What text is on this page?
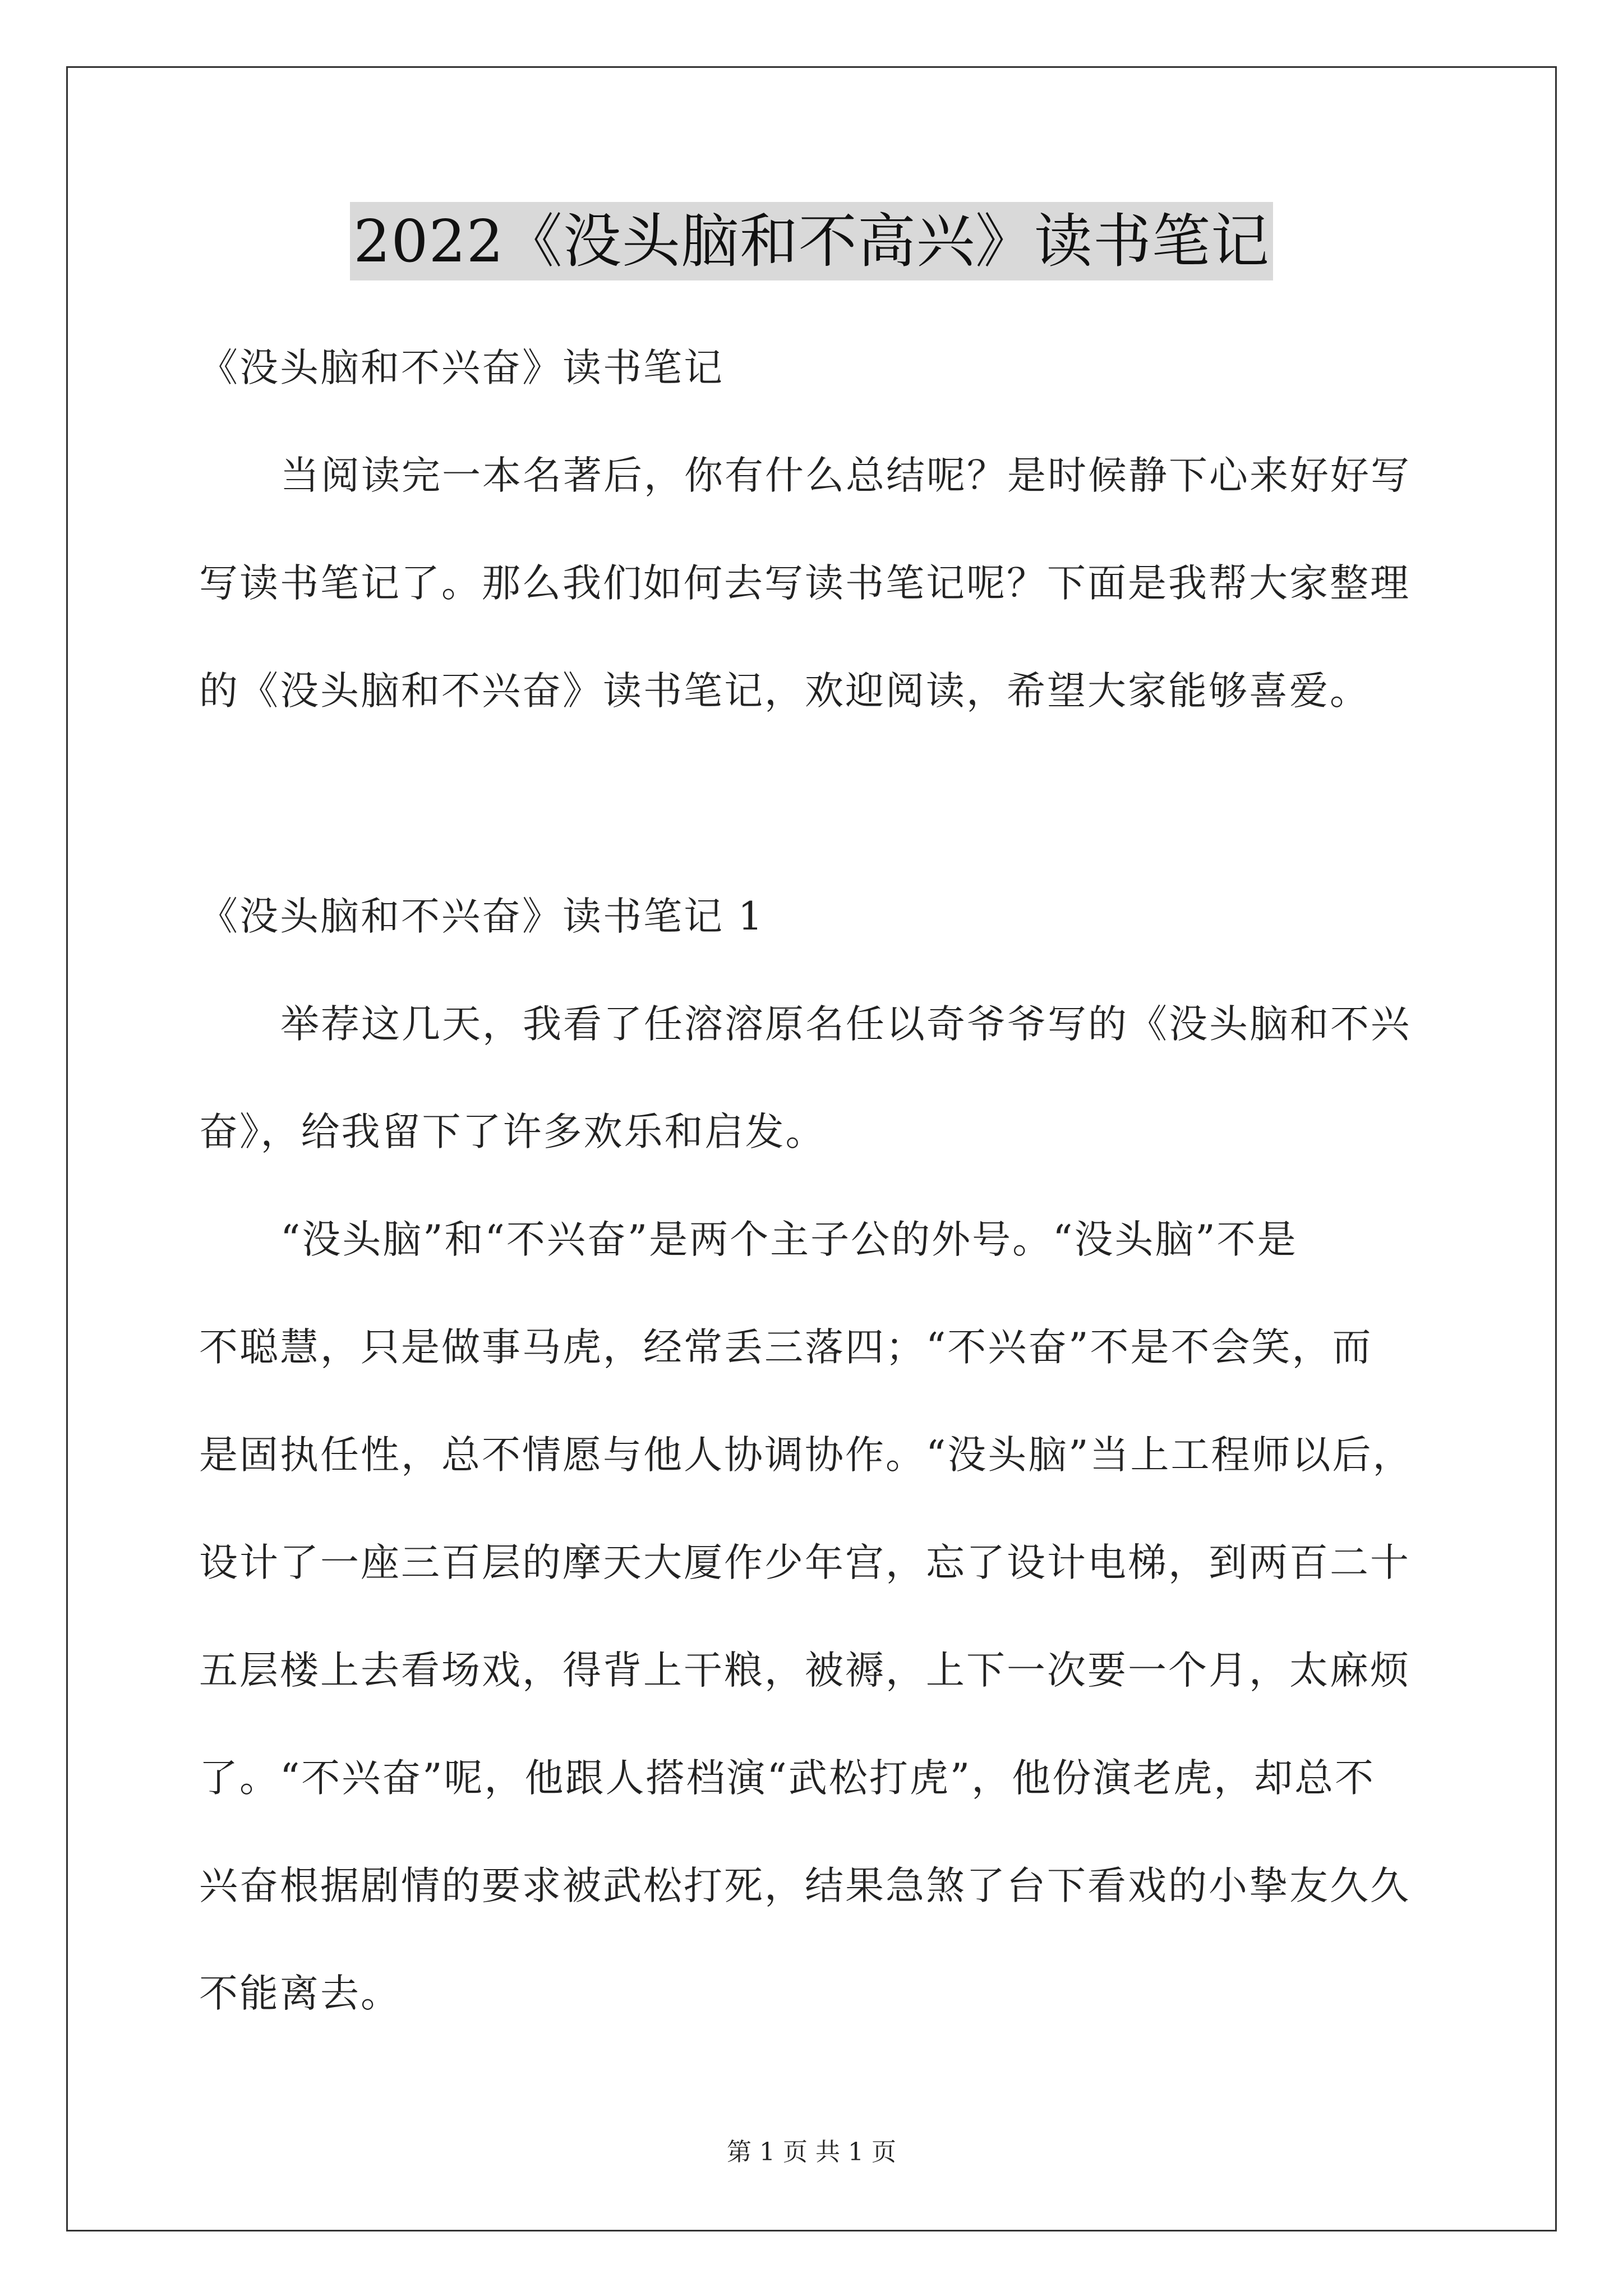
2022《没头脑和不高兴》读书笔记
《没头脑和不兴奋》读书笔记
当阅读完一本名著后，你有什么总结呢？是时候静下心来好好写
写读书笔记了。那么我们如何去写读书笔记呢？下面是我帮大家整理
的《没头脑和不兴奋》读书笔记，欢迎阅读，希望大家能够喜爱。
《没头脑和不兴奋》读书笔记 1
举荐这几天，我看了任溶溶原名任以奇爷爷写的《没头脑和不兴
奋》，给我留下了许多欢乐和启发。
“没头脑”和“不兴奋”是两个主子公的外号。“没头脑”不是
不聪慧，只是做事马虎，经常丢三落四；“不兴奋”不是不会笑，而
是固执任性，总不情愿与他人协调协作。“没头脑”当上工程师以后，
设计了一座三百层的摩天大厦作少年宫，忘了设计电梯，到两百二十
五层楼上去看场戏，得背上干粮，被褥，上下一次要一个月，太麻烦
了。“不兴奋”呢，他跟人搭档演“武松打虎”，他份演老虎，却总不
兴奋根据剧情的要求被武松打死，结果急煞了台下看戏的小挚友久久
不能离去。
第 1 页 共 1 页
